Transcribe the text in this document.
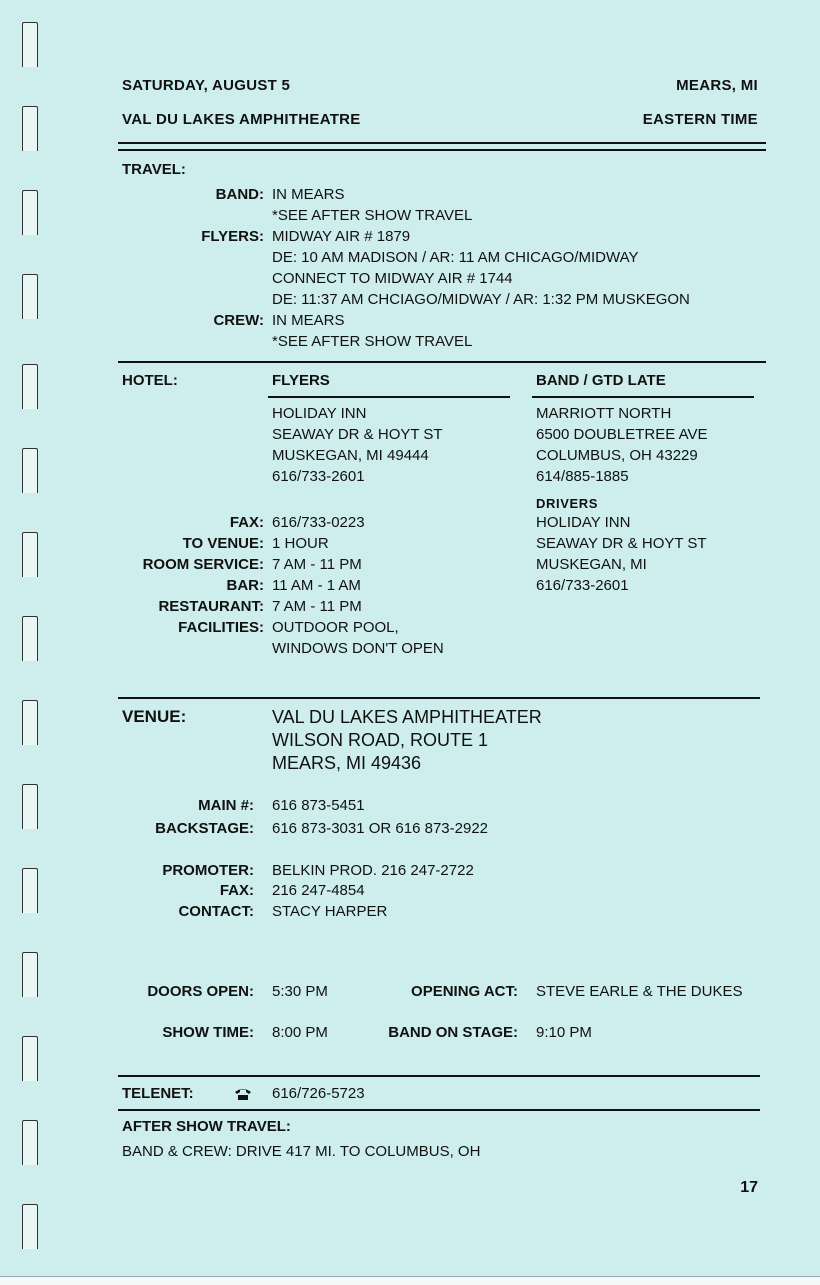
SATURDAY, AUGUST 5	MEARS, MI
VAL DU LAKES AMPHITHEATRE	EASTERN TIME
TRAVEL:
BAND: IN MEARS
*SEE AFTER SHOW TRAVEL
FLYERS: MIDWAY AIR # 1879
DE: 10 AM MADISON / AR: 11 AM CHICAGO/MIDWAY
CONNECT TO MIDWAY AIR # 1744
DE: 11:37 AM CHCIAGO/MIDWAY / AR: 1:32 PM MUSKEGON
CREW: IN MEARS
*SEE AFTER SHOW TRAVEL
HOTEL:	FLYERS	BAND / GTD LATE
HOLIDAY INN
SEAWAY DR & HOYT ST
MUSKEGAN, MI 49444
616/733-2601
MARRIOTT NORTH
6500 DOUBLETREE AVE
COLUMBUS, OH 43229
614/885-1885
DRIVERS
HOLIDAY INN
SEAWAY DR & HOYT ST
MUSKEGAN, MI
616/733-2601
FAX: 616/733-0223
TO VENUE: 1 HOUR
ROOM SERVICE: 7 AM - 11 PM
BAR: 11 AM - 1 AM
RESTAURANT: 7 AM - 11 PM
FACILITIES: OUTDOOR POOL,
WINDOWS DON'T OPEN
VENUE:	VAL DU LAKES AMPHITHEATER
WILSON ROAD, ROUTE 1
MEARS, MI 49436
MAIN #: 616 873-5451
BACKSTAGE: 616 873-3031 OR 616 873-2922
PROMOTER: BELKIN PROD. 216 247-2722
FAX: 216 247-4854
CONTACT: STACY HARPER
DOORS OPEN: 5:30 PM	OPENING ACT: STEVE EARLE & THE DUKES
SHOW TIME: 8:00 PM	BAND ON STAGE: 9:10 PM
TELENET:	616/726-5723
AFTER SHOW TRAVEL:
BAND & CREW: DRIVE 417 MI. TO COLUMBUS, OH
17
